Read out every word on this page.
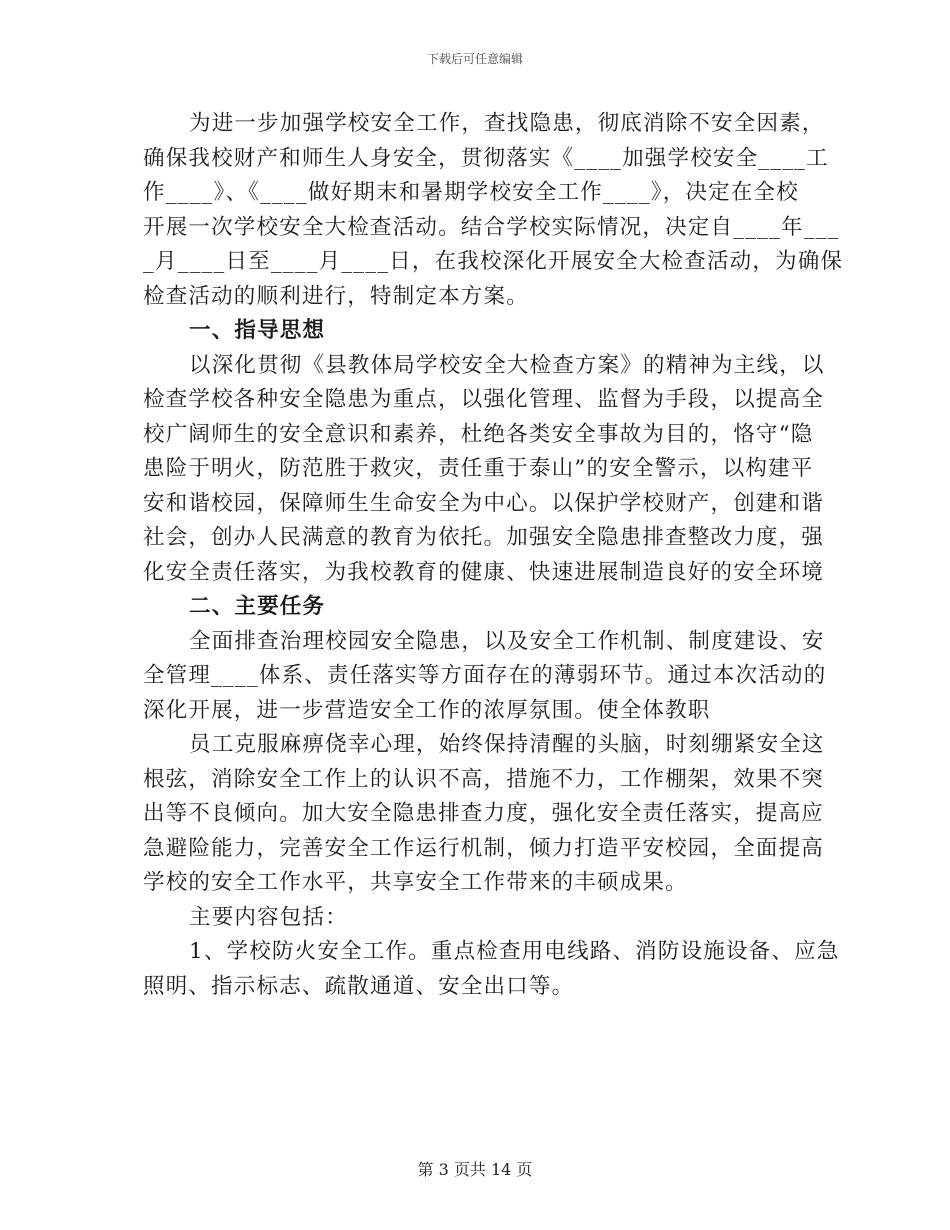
下载后可任意编辑
为进一步加强学校安全工作，查找隐患，彻底消除不安全因素，
确保我校财产和师生人身安全，贯彻落实《____加强学校安全____工
作____》、《____做好期末和暑期学校安全工作____》，决定在全校
开展一次学校安全大检查活动。结合学校实际情况，决定自____年___
_月____日至____月____日，在我校深化开展安全大检查活动，为确保
检查活动的顺利进行，特制定本方案。
一、指导思想
以深化贯彻《县教体局学校安全大检查方案》的精神为主线，以
检查学校各种安全隐患为重点，以强化管理、监督为手段，以提高全
校广阔师生的安全意识和素养，杜绝各类安全事故为目的，恪守“隐
患险于明火，防范胜于救灾，责任重于泰山”的安全警示，以构建平
安和谐校园，保障师生生命安全为中心。以保护学校财产，创建和谐
社会，创办人民满意的教育为依托。加强安全隐患排查整改力度，强
化安全责任落实，为我校教育的健康、快速进展制造良好的安全环境
二、主要任务
全面排查治理校园安全隐患，以及安全工作机制、制度建设、安
全管理____体系、责任落实等方面存在的薄弱环节。通过本次活动的
深化开展，进一步营造安全工作的浓厚氛围。使全体教职
员工克服麻痹侥幸心理，始终保持清醒的头脑，时刻绷紧安全这
根弦，消除安全工作上的认识不高，措施不力，工作棚架，效果不突
出等不良倾向。加大安全隐患排查力度，强化安全责任落实，提高应
急避险能力，完善安全工作运行机制，倾力打造平安校园，全面提高
学校的安全工作水平，共享安全工作带来的丰硕成果。
主要内容包括：
1、学校防火安全工作。重点检查用电线路、消防设施设备、应急
照明、指示标志、疏散通道、安全出口等。
第 3 页共 14 页
